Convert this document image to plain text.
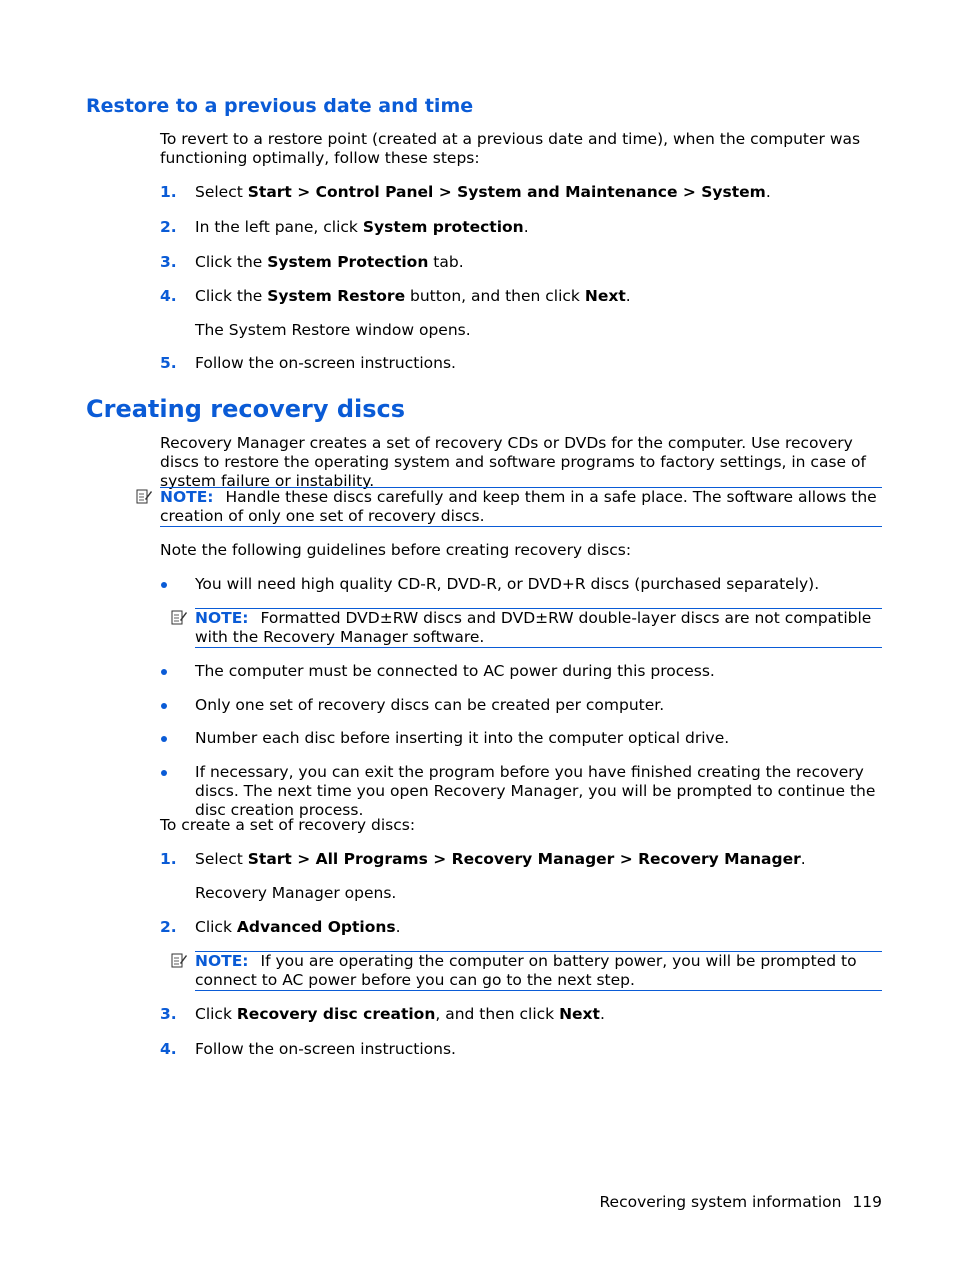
Restore to a previous date and time
To revert to a restore point (created at a previous date and time), when the computer was functioning optimally, follow these steps:
1. Select Start > Control Panel > System and Maintenance > System.
2. In the left pane, click System protection.
3. Click the System Protection tab.
4. Click the System Restore button, and then click Next.
The System Restore window opens.
5. Follow the on-screen instructions.
Creating recovery discs
Recovery Manager creates a set of recovery CDs or DVDs for the computer. Use recovery discs to restore the operating system and software programs to factory settings, in case of system failure or instability.
NOTE: Handle these discs carefully and keep them in a safe place. The software allows the creation of only one set of recovery discs.
Note the following guidelines before creating recovery discs:
You will need high quality CD-R, DVD-R, or DVD+R discs (purchased separately).
NOTE: Formatted DVD±RW discs and DVD±RW double-layer discs are not compatible with the Recovery Manager software.
The computer must be connected to AC power during this process.
Only one set of recovery discs can be created per computer.
Number each disc before inserting it into the computer optical drive.
If necessary, you can exit the program before you have finished creating the recovery discs. The next time you open Recovery Manager, you will be prompted to continue the disc creation process.
To create a set of recovery discs:
1. Select Start > All Programs > Recovery Manager > Recovery Manager.
Recovery Manager opens.
2. Click Advanced Options.
NOTE: If you are operating the computer on battery power, you will be prompted to connect to AC power before you can go to the next step.
3. Click Recovery disc creation, and then click Next.
4. Follow the on-screen instructions.
Recovering system information 119
